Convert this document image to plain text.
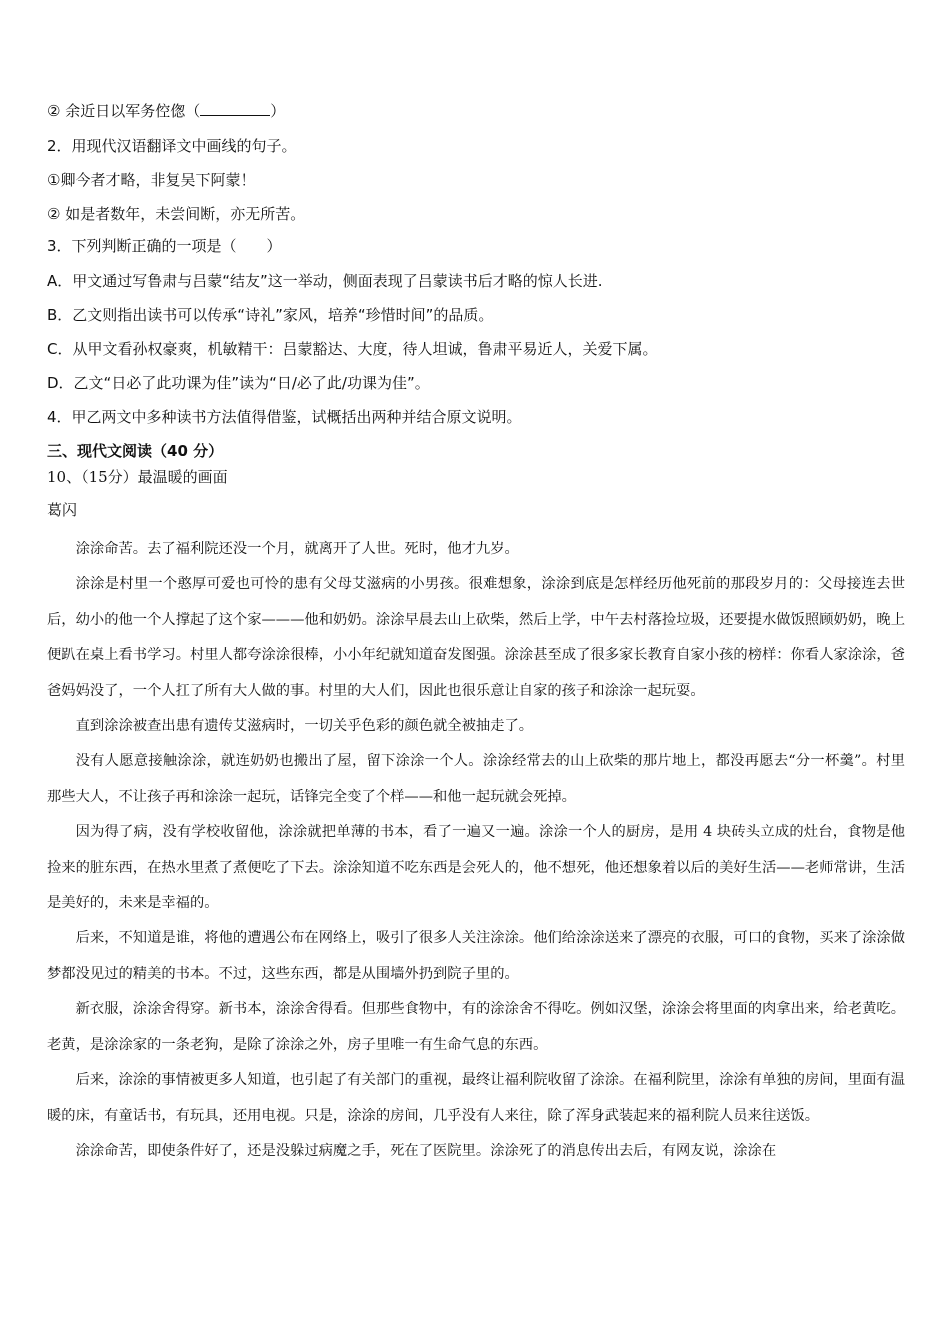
② 余近日以军务倥偬（	）
2．用现代汉语翻译文中画线的句子。
①卿今者才略，非复吴下阿蒙！
② 如是者数年，未尝间断，亦无所苦。
3．下列判断正确的一项是（　　）
A．甲文通过写鲁肃与吕蒙“结友”这一举动，侧面表现了吕蒙读书后才略的惊人长进.
B．乙文则指出读书可以传承“诗礼”家风，培养“珍惜时间”的品质。
C．从甲文看孙权豪爽，机敏精干：吕蒙豁达、大度，待人坦诚，鲁肃平易近人，关爱下属。
D．乙文“日必了此功课为佳”读为“日/必了此/功课为佳”。
4．甲乙两文中多种读书方法值得借鉴，试概括出两种并结合原文说明。
三、现代文阅读（40 分）
10、（15分）最温暖的画面
葛闪

涂涂命苦。去了福利院还没一个月，就离开了人世。死时，他才九岁。

涂涂是村里一个憨厚可爱也可怜的患有父母艾滋病的小男孩。很难想象，涂涂到底是怎样经历他死前的那段岁月的：父母接连去世后，幼小的他一个人撑起了这个家———他和奶奶。涂涂早晨去山上砍柴，然后上学，中午去村落捡垃圾，还要提水做饭照顾奶奶，晚上便趴在桌上看书学习。村里人都夸涂涂很棒，小小年纪就知道奋发图强。涂涂甚至成了很多家长教育自家小孩的榜样：你看人家涂涂，爸爸妈妈没了，一个人扛了所有大人做的事。村里的大人们，因此也很乐意让自家的孩子和涂涂一起玩耍。

直到涂涂被查出患有遗传艾滋病时，一切关乎色彩的颜色就全被抽走了。

没有人愿意接触涂涂，就连奶奶也搬出了屋，留下涂涂一个人。涂涂经常去的山上砍柴的那片地上，都没再愿去“分一杯羹”。村里那些大人，不让孩子再和涂涂一起玩，话锋完全变了个样——和他一起玩就会死掉。

因为得了病，没有学校收留他，涂涂就把单薄的书本，看了一遍又一遍。涂涂一个人的厨房，是用 4 块砖头立成的灶台，食物是他捡来的脏东西，在热水里煮了煮便吃了下去。涂涂知道不吃东西是会死人的，他不想死，他还想象着以后的美好生活——老师常讲，生活是美好的，未来是幸福的。

后来，不知道是谁，将他的遭遇公布在网络上，吸引了很多人关注涂涂。他们给涂涂送来了漂亮的衣服，可口的食物，买来了涂涂做梦都没见过的精美的书本。不过，这些东西，都是从围墙外扔到院子里的。

新衣服，涂涂舍得穿。新书本，涂涂舍得看。但那些食物中，有的涂涂舍不得吃。例如汉堡，涂涂会将里面的肉拿出来，给老黄吃。老黄，是涂涂家的一条老狗，是除了涂涂之外，房子里唯一有生命气息的东西。

后来，涂涂的事情被更多人知道，也引起了有关部门的重视，最终让福利院收留了涂涂。在福利院里，涂涂有单独的房间，里面有温暖的床，有童话书，有玩具，还用电视。只是，涂涂的房间，几乎没有人来往，除了浑身武装起来的福利院人员来往送饭。

涂涂命苦，即使条件好了，还是没躲过病魔之手，死在了医院里。涂涂死了的消息传出去后，有网友说，涂涂在
